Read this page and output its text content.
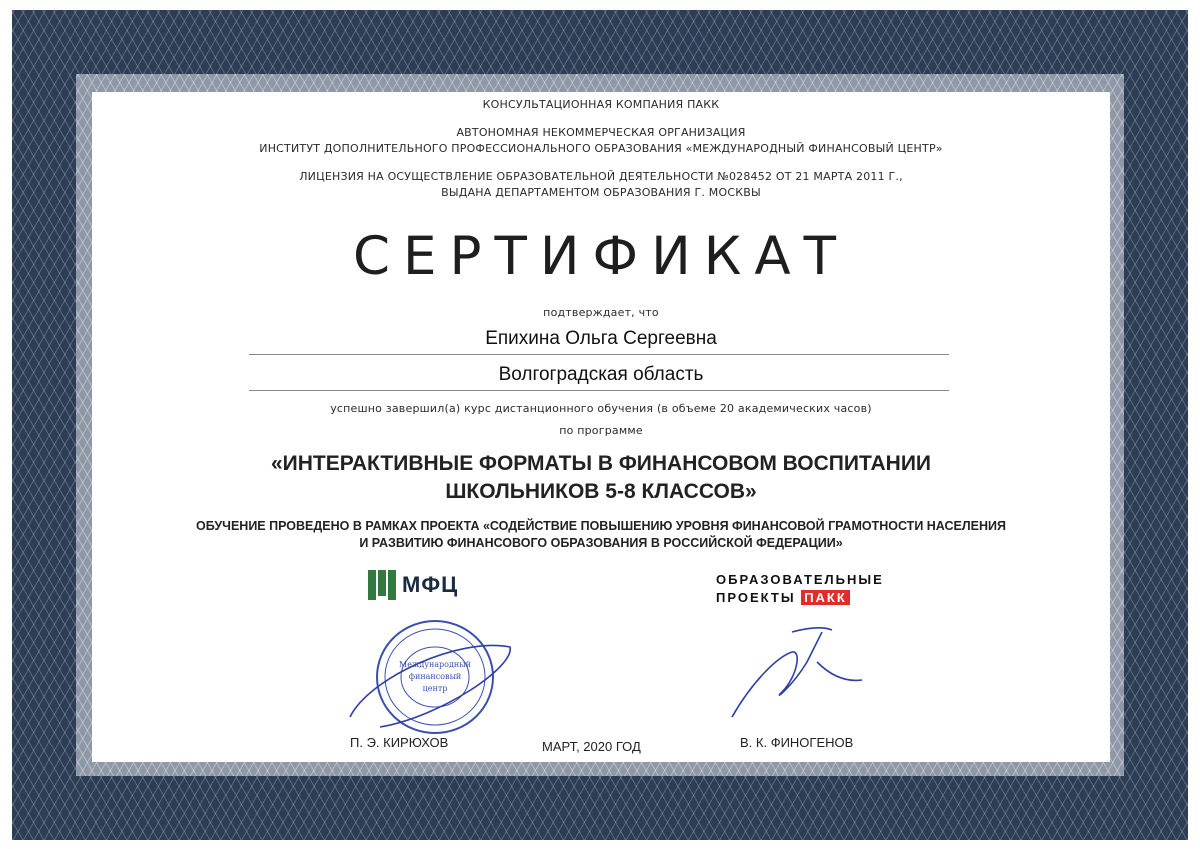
КОНСУЛЬТАЦИОННАЯ КОМПАНИЯ ПАКК
АВТОНОМНАЯ НЕКОММЕРЧЕСКАЯ ОРГАНИЗАЦИЯ
ИНСТИТУТ ДОПОЛНИТЕЛЬНОГО ПРОФЕССИОНАЛЬНОГО ОБРАЗОВАНИЯ «МЕЖДУНАРОДНЫЙ ФИНАНСОВЫЙ ЦЕНТР»
ЛИЦЕНЗИЯ НА ОСУЩЕСТВЛЕНИЕ ОБРАЗОВАТЕЛЬНОЙ ДЕЯТЕЛЬНОСТИ №028452 ОТ 21 МАРТА 2011 Г.,
ВЫДАНА ДЕПАРТАМЕНТОМ ОБРАЗОВАНИЯ Г. МОСКВЫ
СЕРТИФИКАТ
подтверждает, что
Епихина Ольга Сергеевна
Волгоградская область
успешно завершил(а) курс дистанционного обучения (в объеме 20 академических часов)
по программе
«ИНТЕРАКТИВНЫЕ ФОРМАТЫ В ФИНАНСОВОМ ВОСПИТАНИИ
ШКОЛЬНИКОВ 5-8 КЛАССОВ»
ОБУЧЕНИЕ ПРОВЕДЕНО В РАМКАХ ПРОЕКТА «СОДЕЙСТВИЕ ПОВЫШЕНИЮ УРОВНЯ ФИНАНСОВОЙ ГРАМОТНОСТИ НАСЕЛЕНИЯ
И РАЗВИТИЮ ФИНАНСОВОГО ОБРАЗОВАНИЯ В РОССИЙСКОЙ ФЕДЕРАЦИИ»
МФЦ	ОБРАЗОВАТЕЛЬНЫЕ
ПРОЕКТЫ ПАКК
Международный
финансовый
центр
П. Э. КИРЮХОВ	МАРТ, 2020 ГОД	В. К. ФИНОГЕНОВ
